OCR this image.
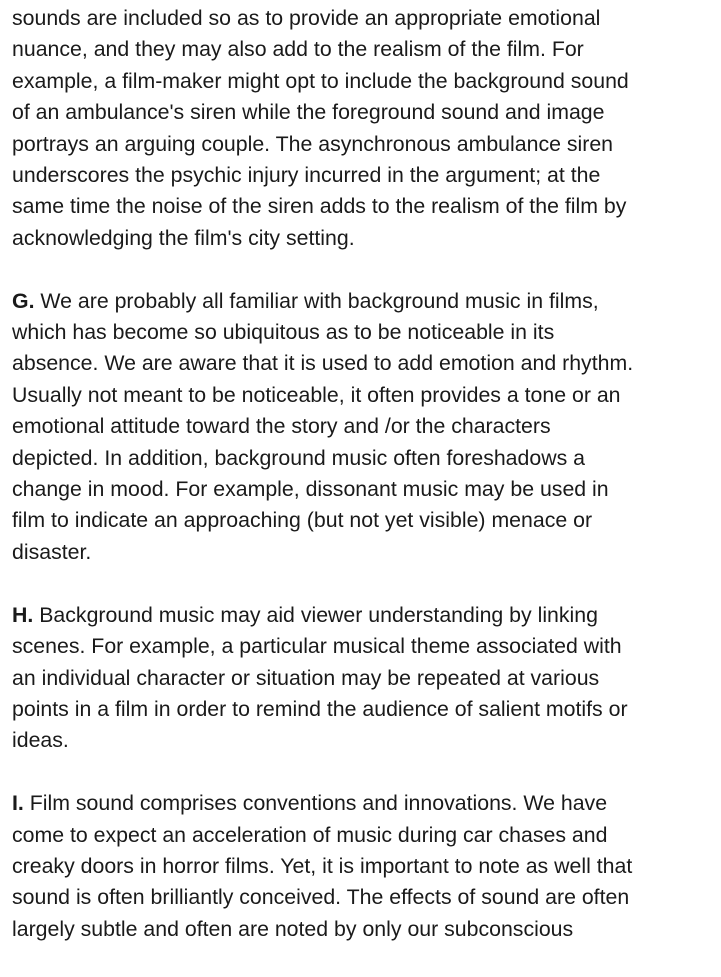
sounds are included so as to provide an appropriate emotional
nuance, and they may also add to the realism of the film. For
example, a film-maker might opt to include the background sound
of an ambulance's siren while the foreground sound and image
portrays an arguing couple. The asynchronous ambulance siren
underscores the psychic injury incurred in the argument; at the
same time the noise of the siren adds to the realism of the film by
acknowledging the film's city setting.
G. We are probably all familiar with background music in films,
which has become so ubiquitous as to be noticeable in its
absence. We are aware that it is used to add emotion and rhythm.
Usually not meant to be noticeable, it often provides a tone or an
emotional attitude toward the story and /or the characters
depicted. In addition, background music often foreshadows a
change in mood. For example, dissonant music may be used in
film to indicate an approaching (but not yet visible) menace or
disaster.
H. Background music may aid viewer understanding by linking
scenes. For example, a particular musical theme associated with
an individual character or situation may be repeated at various
points in a film in order to remind the audience of salient motifs or
ideas.
I. Film sound comprises conventions and innovations. We have
come to expect an acceleration of music during car chases and
creaky doors in horror films. Yet, it is important to note as well that
sound is often brilliantly conceived. The effects of sound are often
largely subtle and often are noted by only our subconscious
